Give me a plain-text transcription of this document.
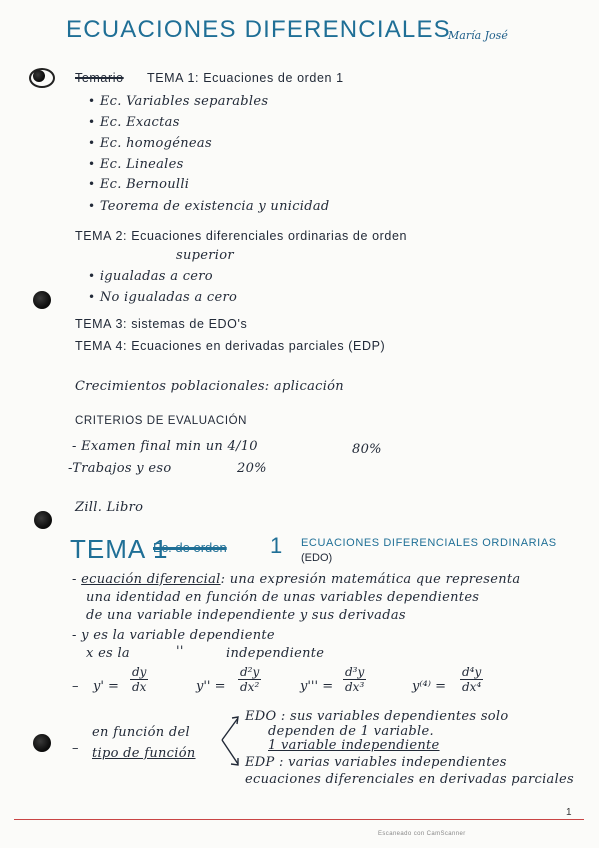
ECUACIONES DIFERENCIALES
María José
Temario TEMA 1: Ecuaciones de orden 1
• Ec. Variables separables
• Ec. Exactas
• Ec. homogéneas
• Ec. Lineales
• Ec. Bernoulli
• Teorema de existencia y unicidad
TEMA 2: Ecuaciones diferenciales ordinarias de orden
superior
• igualadas a cero
• No igualadas a cero
TEMA 3: sistemas de EDO's
TEMA 4: Ecuaciones en derivadas parciales (EDP)
Crecimientos poblacionales: aplicación
CRITERIOS DE EVALUACIÓN
- Examen final min un 4/10	80%
-Trabajos y eso	20%
Zill. Libro
TEMA 1
Ec. de orden 1 ECUACIONES DIFERENCIALES ORDINARIAS
(EDO)
- ecuación diferencial: una expresión matemática que representa
una identidad en función de unas variables dependientes
de una variable independiente y sus derivadas
- y es la variable dependiente
x es la	''	independiente
– $y' = \frac{dy}{dx}$	$y'' = \frac{\text{d²y}}{\text{dx²}}$	$y''' = \frac{\text{d³y}}{\text{dx³}}$	$y^{(4)} = \frac{\text{d⁴y}}{\text{dx⁴}}$
–
en función del
tipo de función
EDO : sus variables dependientes solo
dependen de 1 variable.
1 variable independiente
EDP : varias variables independientes
ecuaciones diferenciales en derivadas parciales
1
Escaneado con CamScanner
